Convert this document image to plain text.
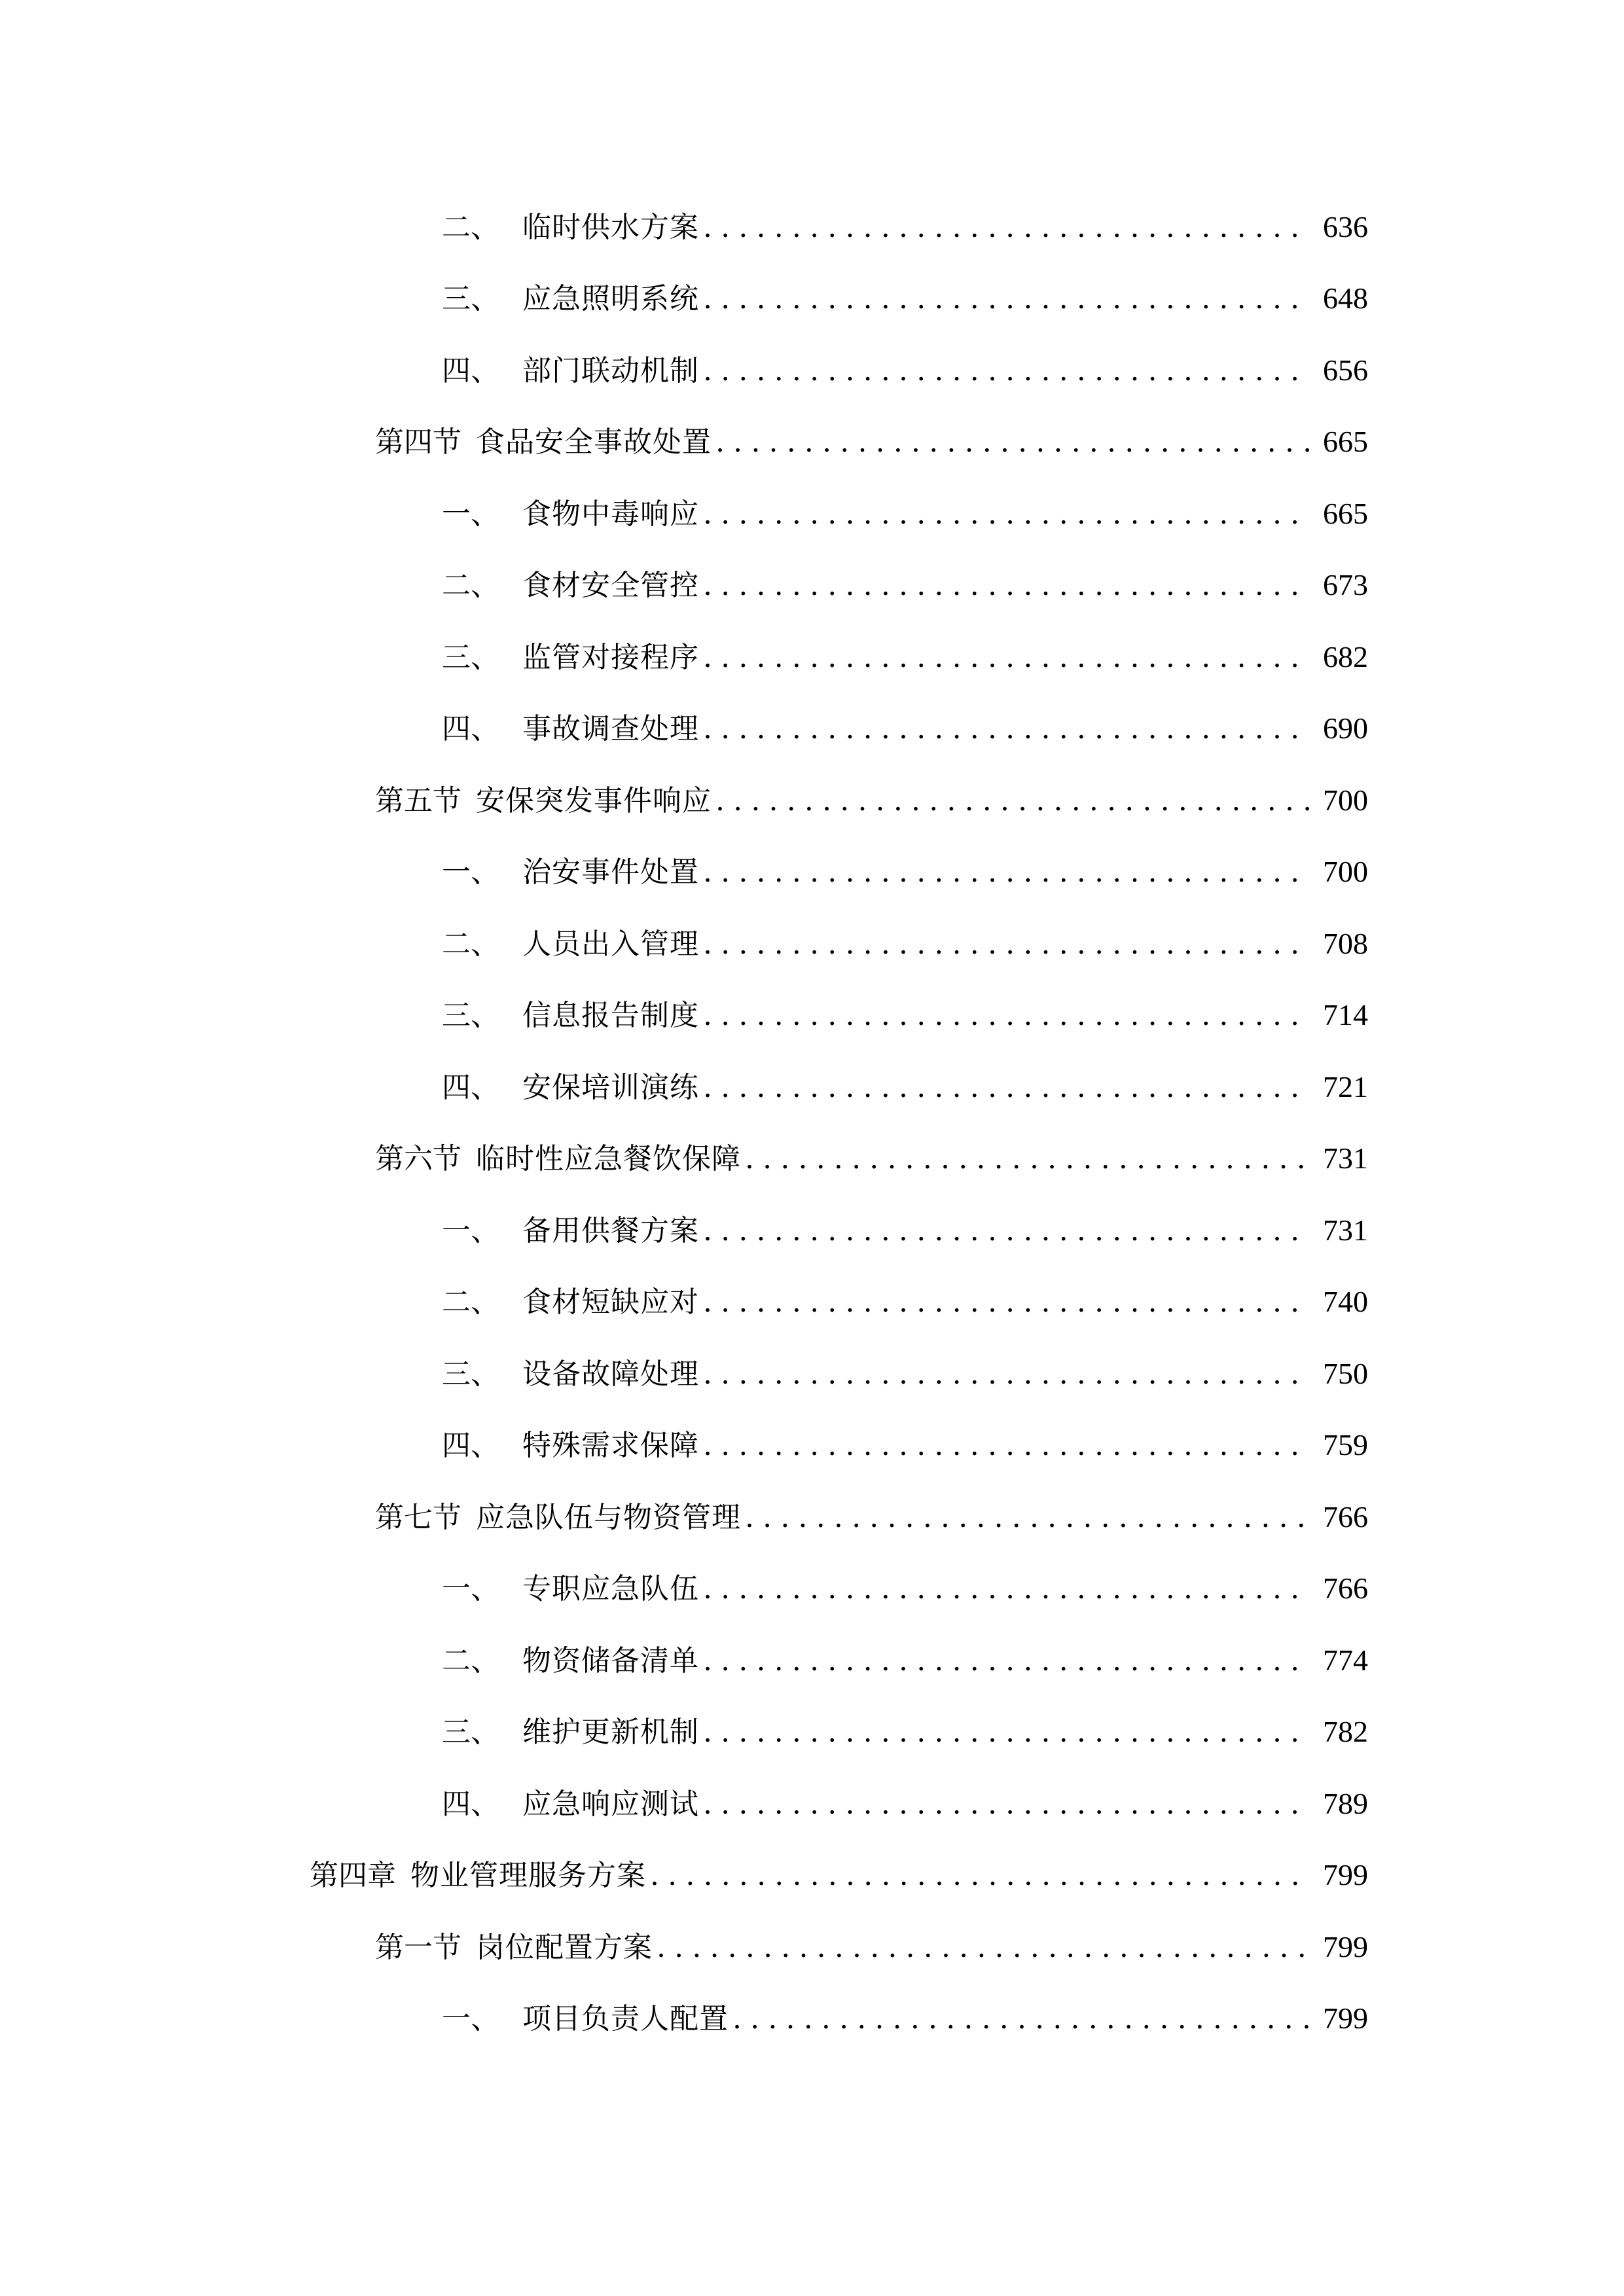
二、 临时供水方案 .....	636
三、 应急照明系统 .....	648
四、 部门联动机制 .....	656
第四节 食品安全事故处置 .....	665
一、 食物中毒响应 .....	665
二、 食材安全管控 .....	673
三、 监管对接程序 .....	682
四、 事故调查处理 .....	690
第五节 安保突发事件响应 .....	700
一、 治安事件处置 .....	700
二、 人员出入管理 .....	708
三、 信息报告制度 .....	714
四、 安保培训演练 .....	721
第六节 临时性应急餐饮保障 .....	731
一、 备用供餐方案 .....	731
二、 食材短缺应对 .....	740
三、 设备故障处理 .....	750
四、 特殊需求保障 .....	759
第七节 应急队伍与物资管理 .....	766
一、 专职应急队伍 .....	766
二、 物资储备清单 .....	774
三、 维护更新机制 .....	782
四、 应急响应测试 .....	789
第四章 物业管理服务方案 .....	799
第一节 岗位配置方案 .....	799
一、 项目负责人配置 .....	799
